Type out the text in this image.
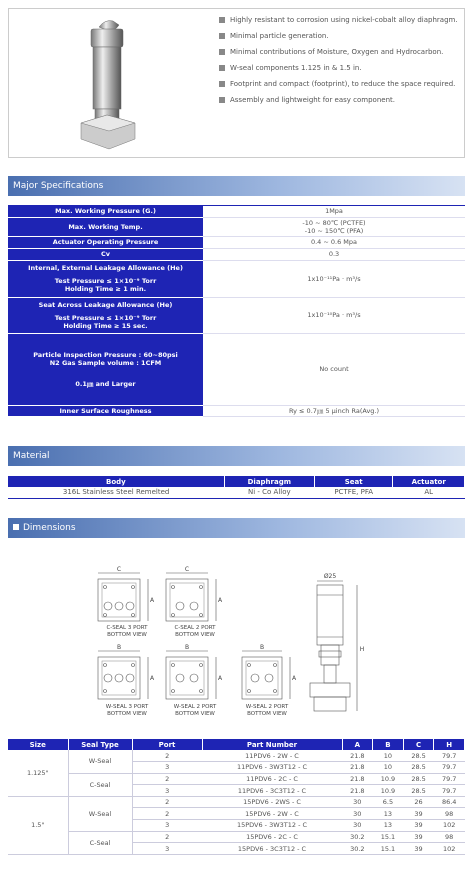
Highly resistant to corrosion using nickel-cobalt alloy diaphragm.
Minimal particle generation.
Minimal contributions of Moisture, Oxygen and Hydrocarbon.
W-seal components 1.125 in & 1.5 in.
Footprint and compact (footprint), to reduce the space required.
Assembly and lightweight for easy component.
Major Specifications
Max. Working Pressure (G.)	1Mpa
Max. Working Temp.	-10 ~ 80℃ (PCTFE)
-10 ~ 150℃ (PFA)

Actuator Operating Pressure	0.4 ~ 0.6 Mpa
Cv	0.3

Internal, External Leakage Allowance (He)
Test Pressure ≤ 1×10⁻⁹ Torr
Holding Time ≥ 1 min.	1x10⁻¹¹Pa · m³/s

Seat Across Leakage Allowance (He)
Test Pressure ≤ 1×10⁻⁹ Torr
Holding Time ≥ 15 sec.	1x10⁻¹⁰Pa · m³/s

Particle Inspection Pressure : 60~80psi
N2 Gas Sample volume : 1CFM
0.1㎛ and Larger	No count
Inner Surface Roughness	Ry ≤ 0.7㎛ 5 μinch Ra(Avg.)
Material
Body	Diaphragm	Seat	Actuator
316L Stainless Steel Remelted	Ni - Co Alloy	PCTFE, PFA	AL
Dimensions
C	C
A	A
B	B	B
A	A	A
Ø25
H
C-SEAL 3 PORT
BOTTOM VIEW
C-SEAL 2 PORT
BOTTOM VIEW
W-SEAL 3 PORT
BOTTOM VIEW
W-SEAL 2 PORT
BOTTOM VIEW
W-SEAL 2 PORT
BOTTOM VIEW
Size	Seal Type	Port	Part Number	A	B	C	H
1.125"	W-Seal	2	11PDV6 - 2W - C	21.8	10	28.5	79.7
		3	11PDV6 - 3W3T12 - C	21.8	10	28.5	79.7
	C-Seal	2	11PDV6 - 2C - C	21.8	10.9	28.5	79.7
		3	11PDV6 - 3C3T12 - C	21.8	10.9	28.5	79.7
1.5"	W-Seal	2	15PDV6 - 2WS - C	30	6.5	26	86.4
		2	15PDV6 - 2W - C	30	13	39	98
		3	15PDV6 - 3W3T12 - C	30	13	39	102
	C-Seal	2	15PDV6 - 2C - C	30.2	15.1	39	98
		3	15PDV6 - 3C3T12 - C	30.2	15.1	39	102
